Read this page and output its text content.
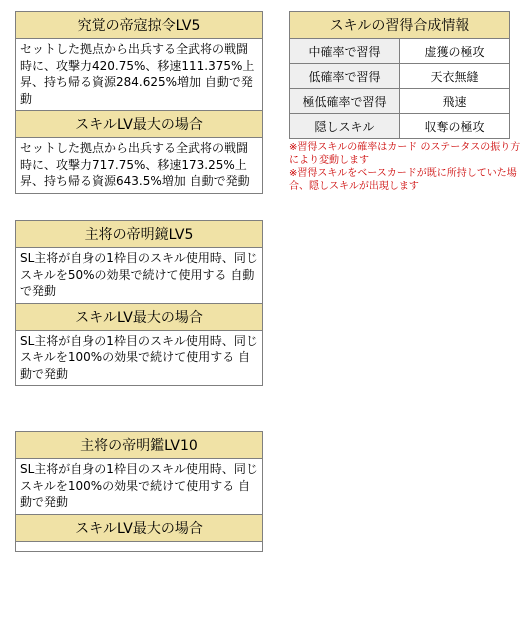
究覚の帝寇掠令LV5
セットした拠点から出兵する全武将の戦闘時に、攻撃力420.75%、移速111.375%上昇、持ち帰る資源284.625%増加 自動で発動
スキルLV最大の場合
セットした拠点から出兵する全武将の戦闘時に、攻撃力717.75%、移速173.25%上昇、持ち帰る資源643.5%増加 自動で発動
主将の帝明鏡LV5
SL主将が自身の1枠目のスキル使用時、同じスキルを50%の効果で続けて使用する 自動で発動
スキルLV最大の場合
SL主将が自身の1枠目のスキル使用時、同じスキルを100%の効果で続けて使用する 自動で発動
主将の帝明鑑LV10
SL主将が自身の1枠目のスキル使用時、同じスキルを100%の効果で続けて使用する 自動で発動
スキルLV最大の場合

スキルの習得合成情報	
中確率で習得	虚獲の極攻
低確率で習得	天衣無縫
極低確率で習得	飛速
隠しスキル	収奪の極攻
※習得スキルの確率はカード のステータスの振り方により変動します
※習得スキルをベースカードが既に所持していた場合、隠しスキルが出現します
